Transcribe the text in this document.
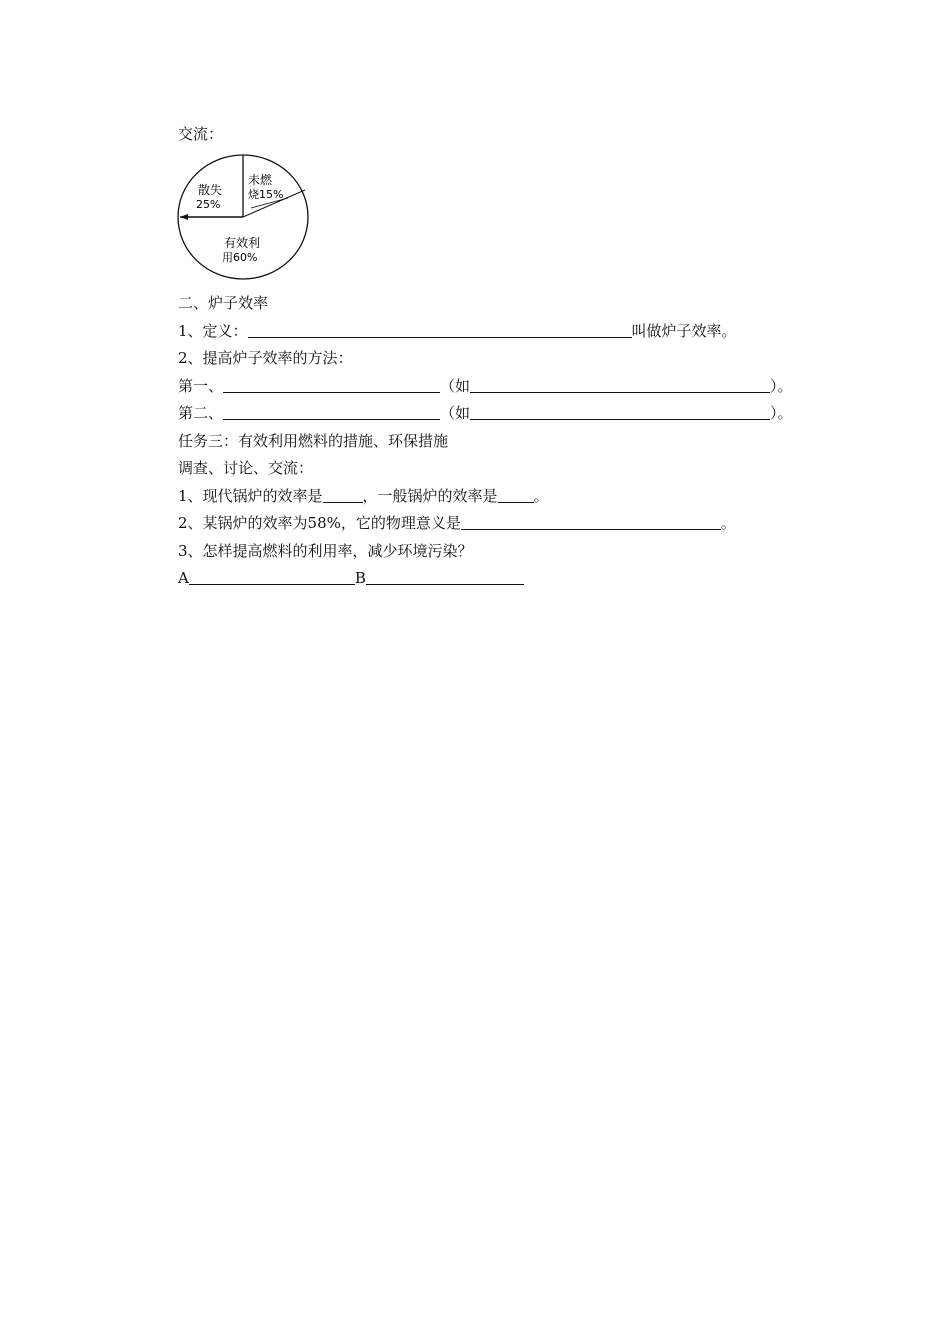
交流：
散失
25%
未燃
烧15%
有效利
用60%
二、炉子效率
1、定义：	叫做炉子效率。
2、提高炉子效率的方法：
第一、	（如	）。
第二、	（如	）。
任务三：有效利用燃料的措施、环保措施
调查、讨论、交流：
1、现代锅炉的效率是	，一般锅炉的效率是 。
2、某锅炉的效率为58%，它的物理意义是	。
3、怎样提高燃料的利用率，减少环境污染？
A	B
